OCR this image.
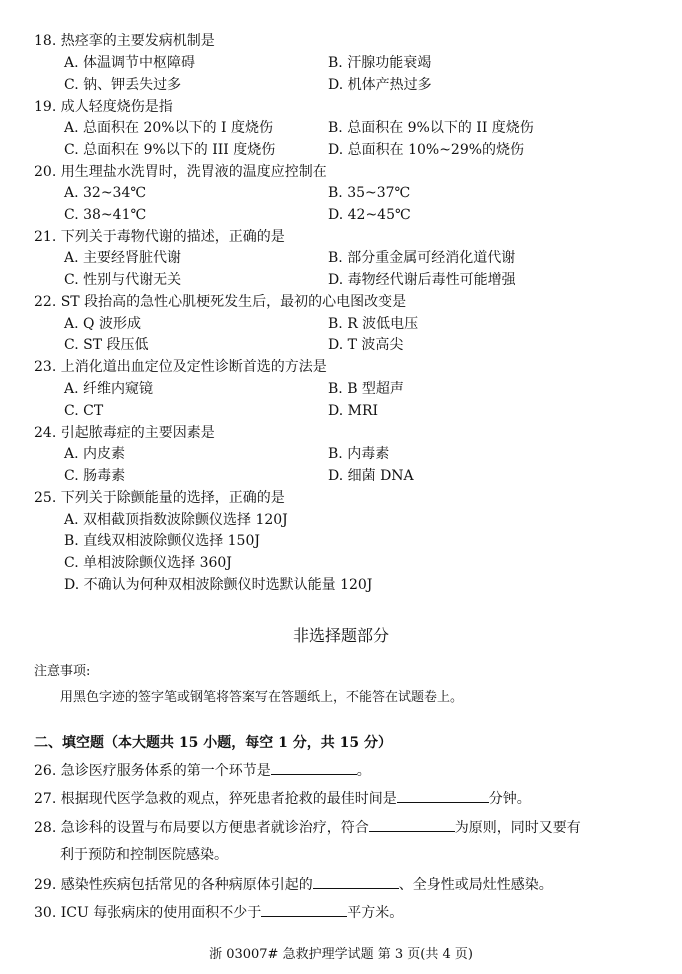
18. 热痉挛的主要发病机制是
A. 体温调节中枢障碍	B. 汗腺功能衰竭
C. 钠、钾丢失过多	D. 机体产热过多
19. 成人轻度烧伤是指
A. 总面积在 20%以下的 I 度烧伤	B. 总面积在 9%以下的 II 度烧伤
C. 总面积在 9%以下的 III 度烧伤	D. 总面积在 10%~29%的烧伤
20. 用生理盐水洗胃时，洗胃液的温度应控制在
A. 32~34℃	B. 35~37℃
C. 38~41℃	D. 42~45℃
21. 下列关于毒物代谢的描述，正确的是
A. 主要经肾脏代谢	B. 部分重金属可经消化道代谢
C. 性别与代谢无关	D. 毒物经代谢后毒性可能增强
22. ST 段抬高的急性心肌梗死发生后，最初的心电图改变是
A. Q 波形成	B. R 波低电压
C. ST 段压低	D. T 波高尖
23. 上消化道出血定位及定性诊断首选的方法是
A. 纤维内窥镜	B. B 型超声
C. CT	D. MRI
24. 引起脓毒症的主要因素是
A. 内皮素	B. 内毒素
C. 肠毒素	D. 细菌 DNA
25. 下列关于除颤能量的选择，正确的是
A. 双相截顶指数波除颤仪选择 120J
B. 直线双相波除颤仪选择 150J
C. 单相波除颤仪选择 360J
D. 不确认为何种双相波除颤仪时选默认能量 120J
非选择题部分
注意事项:
用黑色字迹的签字笔或钢笔将答案写在答题纸上，不能答在试题卷上。
二、填空题（本大题共 15 小题，每空 1 分，共 15 分）
26. 急诊医疗服务体系的第一个环节是	。
27. 根据现代医学急救的观点，猝死患者抢救的最佳时间是	分钟。
28. 急诊科的设置与布局要以方便患者就诊治疗，符合	为原则，同时又要有
利于预防和控制医院感染。
29. 感染性疾病包括常见的各种病原体引起的	、全身性或局灶性感染。
30. ICU 每张病床的使用面积不少于	平方米。
浙 03007# 急救护理学试题 第 3 页(共 4 页)
